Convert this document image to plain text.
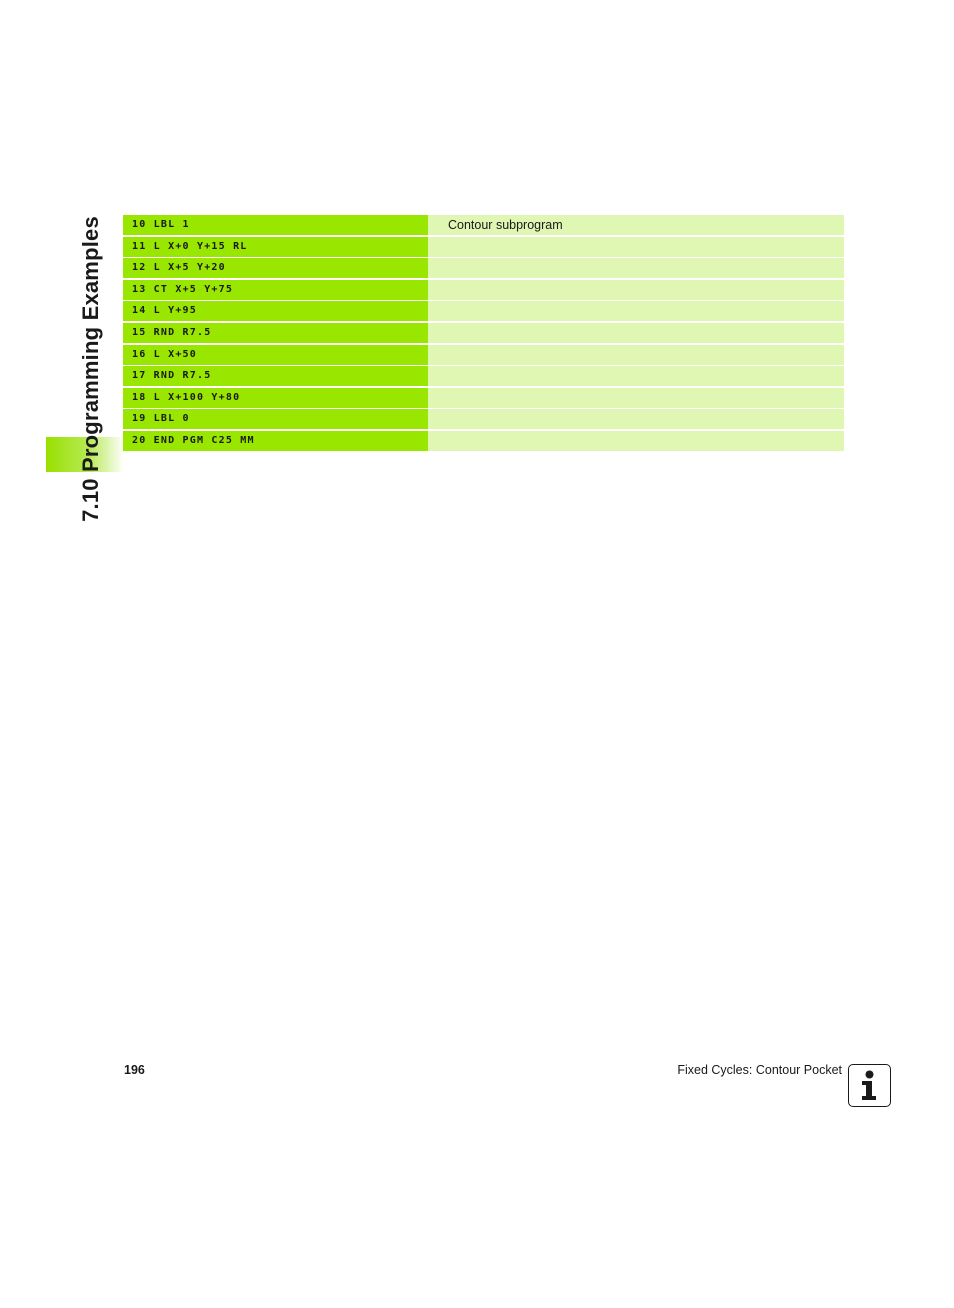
7.10 Programming Examples	10 LBL 1	Contour subprogram
11 L X+0 Y+15 RL
12 L X+5 Y+20
13 CT X+5 Y+75
14 L Y+95
15 RND R7.5
16 L X+50
17 RND R7.5
18 L X+100 Y+80
19 LBL 0
20 END PGM C25 MM
196	Fixed Cycles: Contour Pocket
